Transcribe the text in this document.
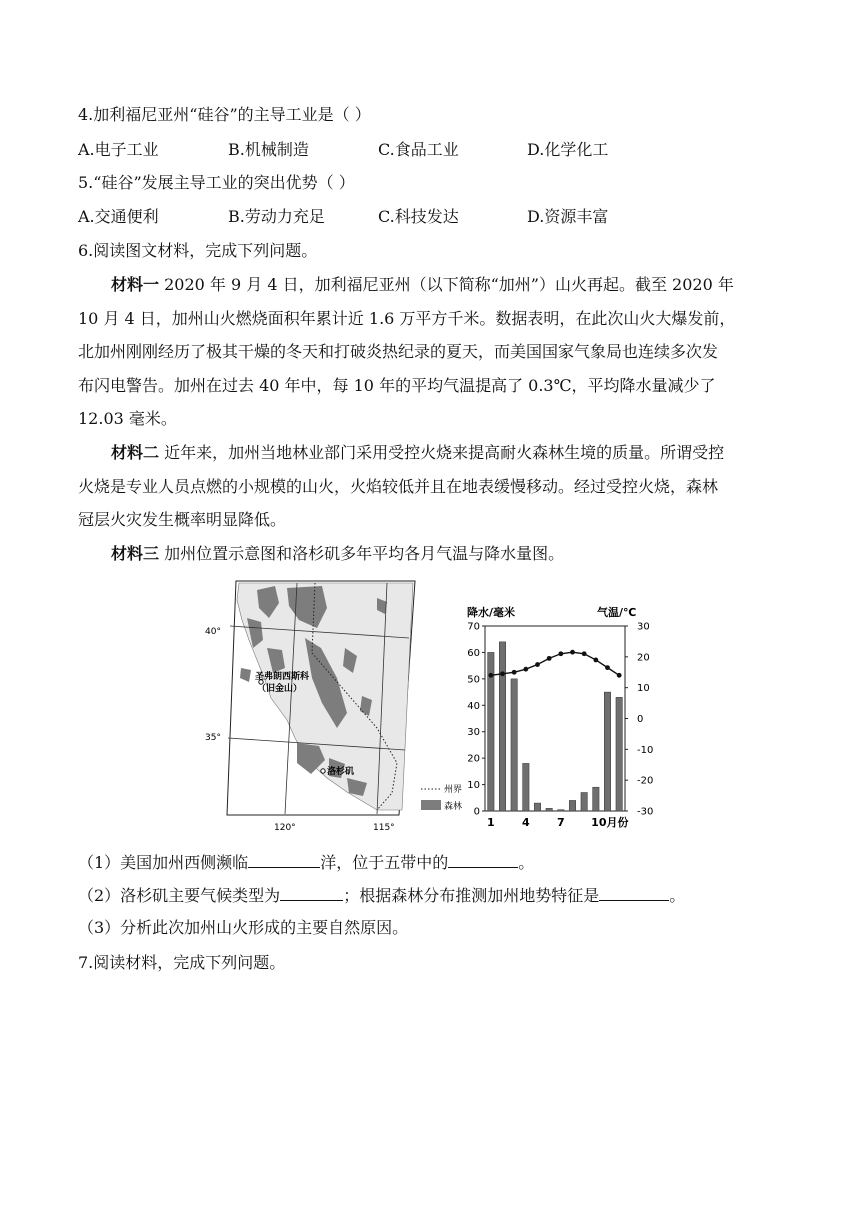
4.加利福尼亚州“硅谷”的主导工业是（ ）
A.电子工业	B.机械制造	C.食品工业	D.化学化工
5.“硅谷”发展主导工业的突出优势（ ）
A.交通便利	B.劳动力充足	C.科技发达	D.资源丰富
6.阅读图文材料，完成下列问题。
材料一 2020 年 9 月 4 日，加利福尼亚州（以下简称“加州”）山火再起。截至 2020 年
10 月 4 日，加州山火燃烧面积年累计近 1.6 万平方千米。数据表明，在此次山火大爆发前，
北加州刚刚经历了极其干燥的冬天和打破炎热纪录的夏天，而美国国家气象局也连续多次发
布闪电警告。加州在过去 40 年中，每 10 年的平均气温提高了 0.3℃，平均降水量减少了
12.03 毫米。
材料二 近年来，加州当地林业部门采用受控火烧来提高耐火森林生境的质量。所谓受控
火烧是专业人员点燃的小规模的山火，火焰较低并且在地表缓慢移动。经过受控火烧，森林
冠层火灾发生概率明显降低。
材料三 加州位置示意图和洛杉矶多年平均各月气温与降水量图。
圣弗朗西斯科
（旧金山）
洛杉矶
40°
35°
120°	115°
州界
森林
降水/毫米	气温/℃
0
10
20
30
40
50
60
70
-30
-20
-10
0
10
20
30
1 4 7 10月份
（1）美国加州西侧濒临	洋，位于五带中的	。
（2）洛杉矶主要气候类型为	；根据森林分布推测加州地势特征是	。
（3）分析此次加州山火形成的主要自然原因。
7.阅读材料，完成下列问题。
